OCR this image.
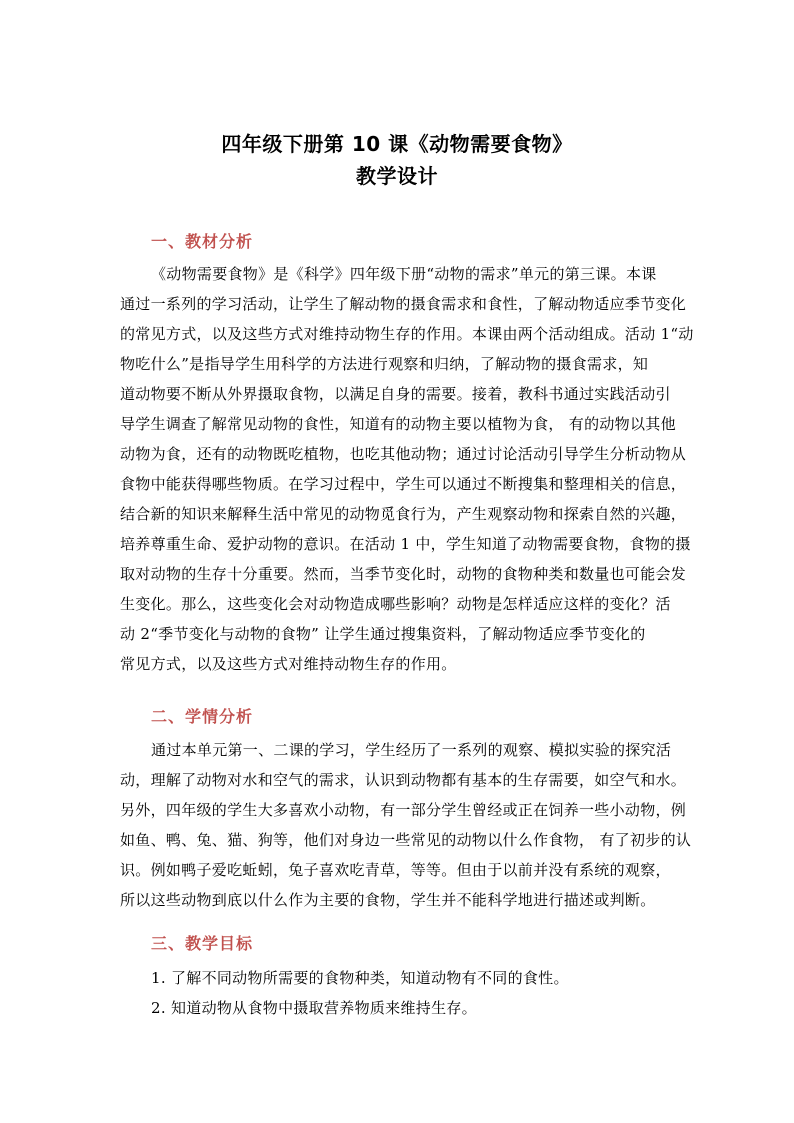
四年级下册第 10 课《动物需要食物》
教学设计
一、教材分析
《动物需要食物》是《科学》四年级下册“动物的需求”单元的第三课。本课
通过一系列的学习活动，让学生了解动物的摄食需求和食性，了解动物适应季节变化
的常见方式，以及这些方式对维持动物生存的作用。本课由两个活动组成。活动 1“动
物吃什么”是指导学生用科学的方法进行观察和归纳，了解动物的摄食需求，知
道动物要不断从外界摄取食物，以满足自身的需要。接着，教科书通过实践活动引
导学生调查了解常见动物的食性，知道有的动物主要以植物为食， 有的动物以其他
动物为食，还有的动物既吃植物，也吃其他动物；通过讨论活动引导学生分析动物从
食物中能获得哪些物质。在学习过程中，学生可以通过不断搜集和整理相关的信息，
结合新的知识来解释生活中常见的动物觅食行为，产生观察动物和探索自然的兴趣，
培养尊重生命、爱护动物的意识。在活动 1 中，学生知道了动物需要食物，食物的摄
取对动物的生存十分重要。然而，当季节变化时，动物的食物种类和数量也可能会发
生变化。那么，这些变化会对动物造成哪些影响？动物是怎样适应这样的变化？活
动 2“季节变化与动物的食物” 让学生通过搜集资料，了解动物适应季节变化的
常见方式，以及这些方式对维持动物生存的作用。
二、学情分析
通过本单元第一、二课的学习，学生经历了一系列的观察、模拟实验的探究活
动，理解了动物对水和空气的需求，认识到动物都有基本的生存需要，如空气和水。
另外，四年级的学生大多喜欢小动物，有一部分学生曾经或正在饲养一些小动物，例
如鱼、鸭、兔、猫、狗等，他们对身边一些常见的动物以什么作食物， 有了初步的认
识。例如鸭子爱吃蚯蚓，兔子喜欢吃青草，等等。但由于以前并没有系统的观察，
所以这些动物到底以什么作为主要的食物，学生并不能科学地进行描述或判断。
三、教学目标
1. 了解不同动物所需要的食物种类，知道动物有不同的食性。
2. 知道动物从食物中摄取营养物质来维持生存。
